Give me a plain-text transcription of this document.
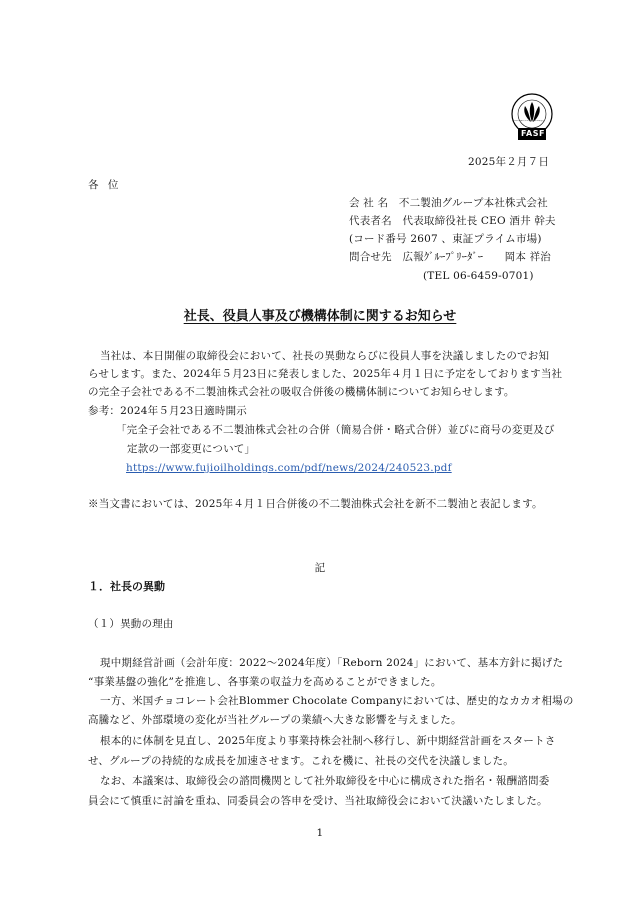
FASF
公益財団法人 財務会計基準機構会員
2025年２月７日
各 位
会 社 名　不二製油グループ本社株式会社
代表者名　代表取締役社長 CEO 酒井 幹夫
(コード番号 2607 、東証プライム市場)
問合せ先　広報ｸﾞﾙｰﾌﾟﾘｰﾀﾞｰ　　岡本 祥治
(TEL 06-6459-0701)
社長、役員人事及び機構体制に関するお知らせ
当社は、本日開催の取締役会において、社長の異動ならびに役員人事を決議しましたのでお知
らせします。また、2024年５月23日に発表しました、2025年４月１日に予定をしております当社
の完全子会社である不二製油株式会社の吸収合併後の機構体制についてお知らせします。
参考：2024年５月23日適時開示
「完全子会社である不二製油株式会社の合併（簡易合併・略式合併）並びに商号の変更及び
定款の一部変更について」
https://www.fujioilholdings.com/pdf/news/2024/240523.pdf
※当文書においては、2025年４月１日合併後の不二製油株式会社を新不二製油と表記します。
記
１．社長の異動
（１）異動の理由
現中期経営計画（会計年度：2022～2024年度）「Reborn 2024」において、基本方針に掲げた
“事業基盤の強化”を推進し、各事業の収益力を高めることができました。
一方、米国チョコレート会社Blommer Chocolate Companyにおいては、歴史的なカカオ相場の
高騰など、外部環境の変化が当社グループの業績へ大きな影響を与えました。
根本的に体制を見直し、2025年度より事業持株会社制へ移行し、新中期経営計画をスタートさ
せ、グループの持続的な成長を加速させます。これを機に、社長の交代を決議しました。
なお、本議案は、取締役会の諮問機関として社外取締役を中心に構成された指名・報酬諮問委
員会にて慎重に討論を重ね、同委員会の答申を受け、当社取締役会において決議いたしました。
1
